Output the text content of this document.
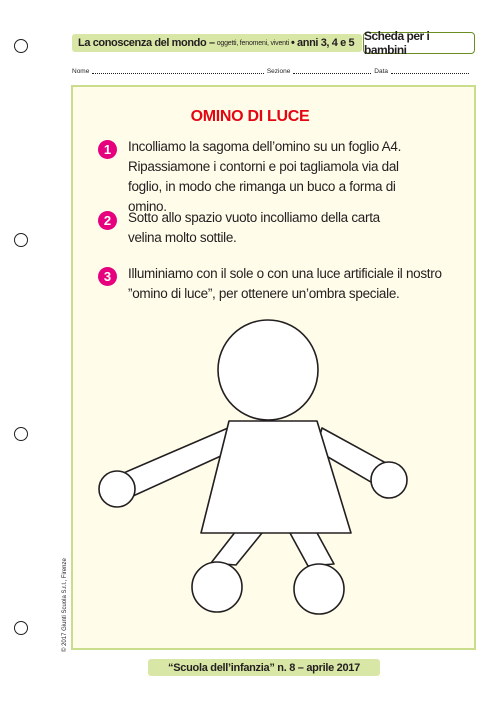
La conoscenza del mondo – oggetti, fenomeni, viventi • anni 3, 4 e 5 Scheda per i bambini
Nome	Sezione	Data
OMINO DI LUCE
1	Incolliamo la sagoma dell’omino su un foglio A4. Ripassiamone i contorni e poi tagliamola via dal foglio, in modo che rimanga un buco a forma di omino.
2	Sotto allo spazio vuoto incolliamo della carta velina molto sottile.
3	Illuminiamo con il sole o con una luce artificiale il nostro ”omino di luce”, per ottenere un’ombra speciale.
© 2017 Giunti Scuola S.r.l., Firenze
“Scuola dell’infanzia” n. 8 – aprile 2017
